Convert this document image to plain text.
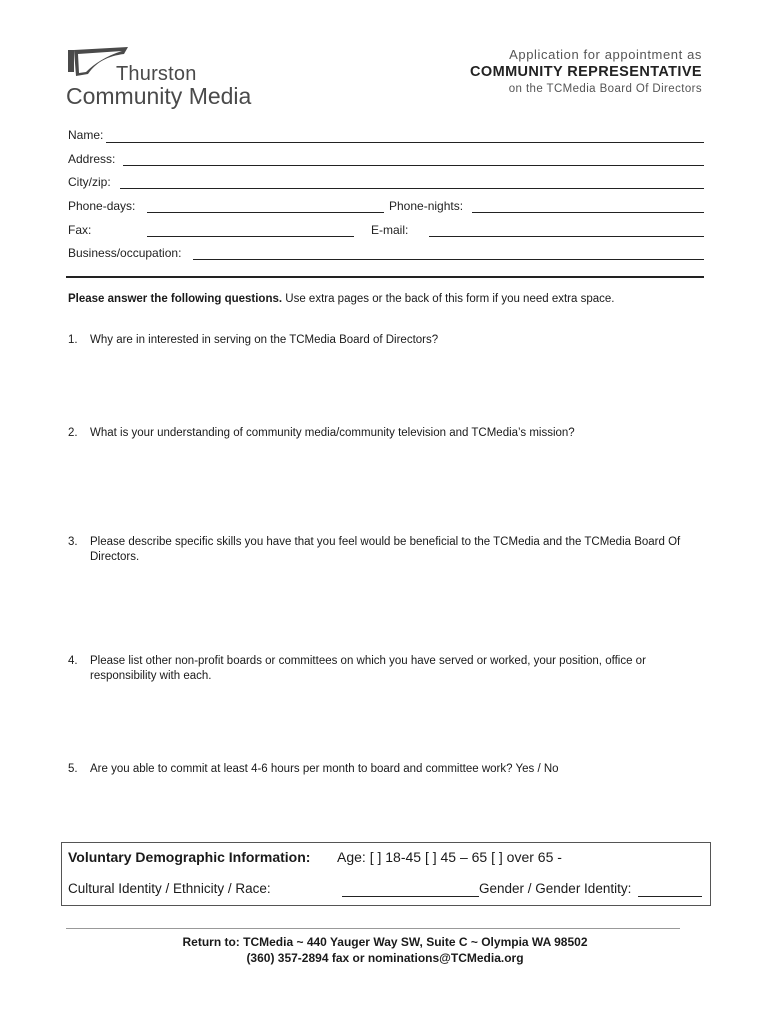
Thurston
Community Media
Application for appointment as
COMMUNITY REPRESENTATIVE
on the TCMedia Board Of Directors
Name:
Address:
City/zip:
Phone-days:	Phone-nights:
Fax:	E-mail:
Business/occupation:
Please answer the following questions. Use extra pages or the back of this form if you need extra space.
1. Why are in interested in serving on the TCMedia Board of Directors?
2. What is your understanding of community media/community television and TCMedia’s mission?
3. Please describe specific skills you have that you feel would be beneficial to the TCMedia and the TCMedia Board Of Directors.
4. Please list other non-profit boards or committees on which you have served or worked, your position, office or responsibility with each.
5. Are you able to commit at least 4-6 hours per month to board and committee work? Yes / No
Voluntary Demographic Information: Age: [ ] 18-45 [ ] 45 – 65 [ ] over 65 -
Cultural Identity / Ethnicity / Race:	Gender / Gender Identity:
Return to: TCMedia ~ 440 Yauger Way SW, Suite C ~ Olympia WA 98502
(360) 357-2894 fax or nominations@TCMedia.org
